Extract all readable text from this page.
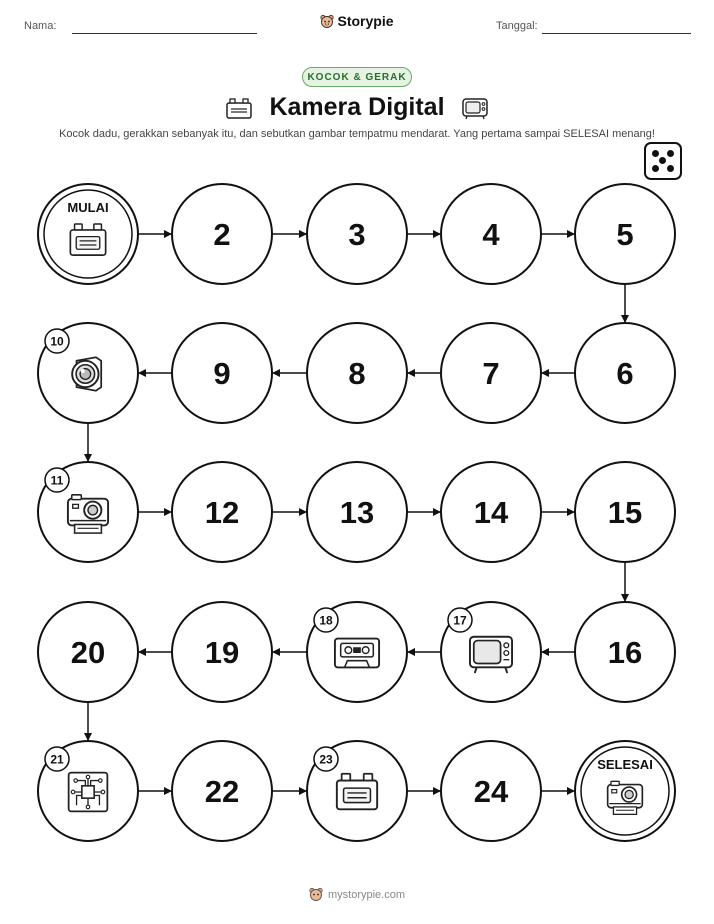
Nama:	Storypie	Tanggal:
KOCOK & GERAK
Kamera Digital
Kocok dadu, gerakkan sebanyak itu, dan sebutkan gambar tempatmu mendarat. Yang pertama sampai SELESAI menang!
MULAI
2	3	4	5
6
7
8
9
10
11
12	13	14	15
16
17
18
19
20
21
22
23
24
SELESAI
mystorypie.com
